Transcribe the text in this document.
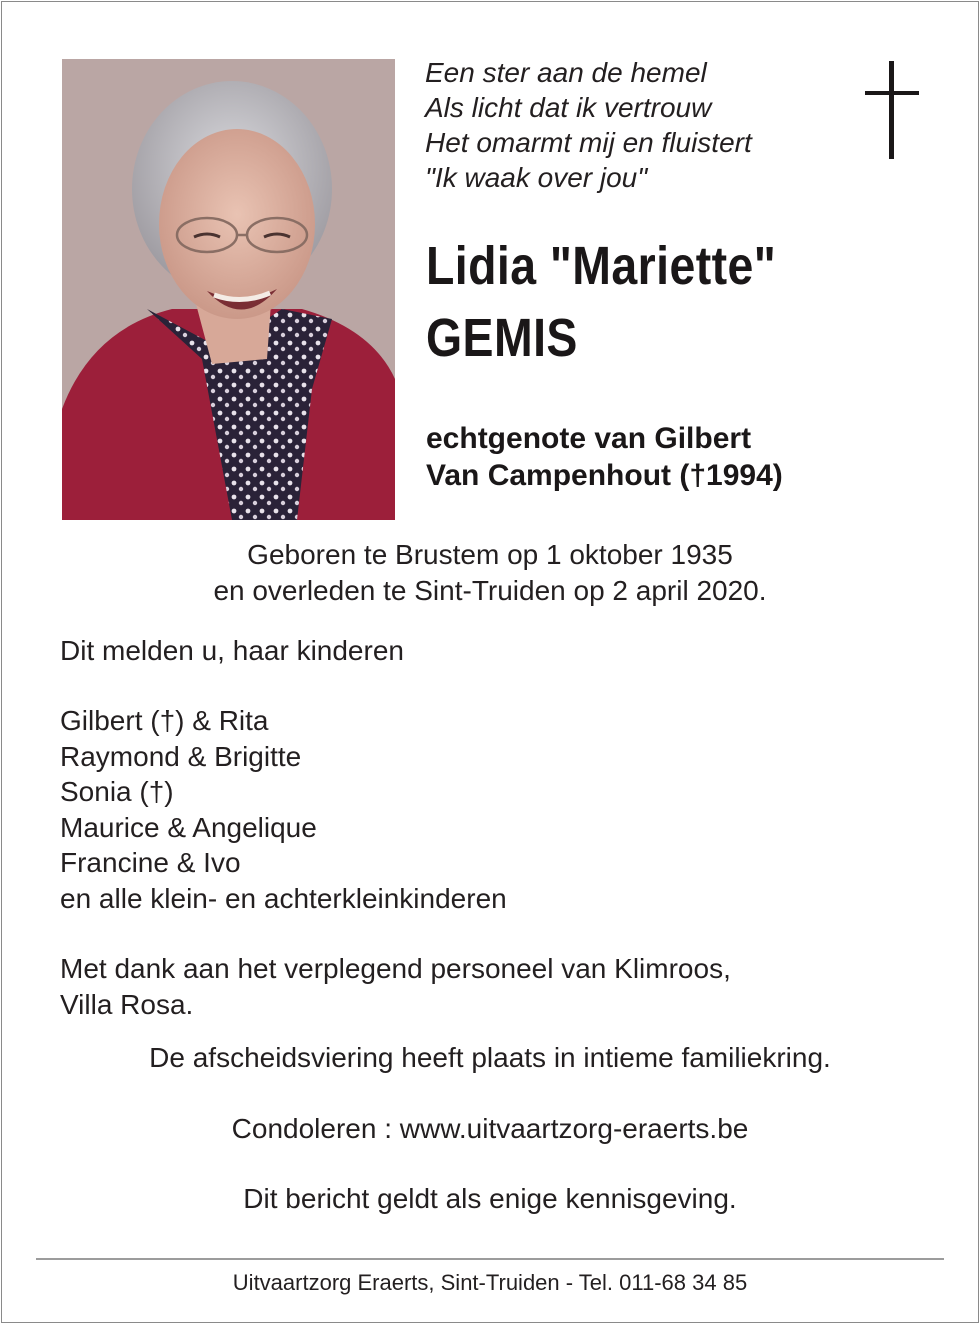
Een ster aan de hemel
Als licht dat ik vertrouw
Het omarmt mij en fluistert
"Ik waak over jou"
Lidia "Mariette"
GEMIS
echtgenote van Gilbert
Van Campenhout (†1994)
Geboren te Brustem op 1 oktober 1935
en overleden te Sint-Truiden op 2 april 2020.
Dit melden u, haar kinderen
Gilbert (†) & Rita
Raymond & Brigitte
Sonia (†)
Maurice & Angelique
Francine & Ivo
en alle klein- en achterkleinkinderen
Met dank aan het verplegend personeel van Klimroos,
Villa Rosa.
De afscheidsviering heeft plaats in intieme familiekring.
Condoleren : www.uitvaartzorg-eraerts.be
Dit bericht geldt als enige kennisgeving.
Uitvaartzorg Eraerts, Sint-Truiden - Tel. 011-68 34 85
